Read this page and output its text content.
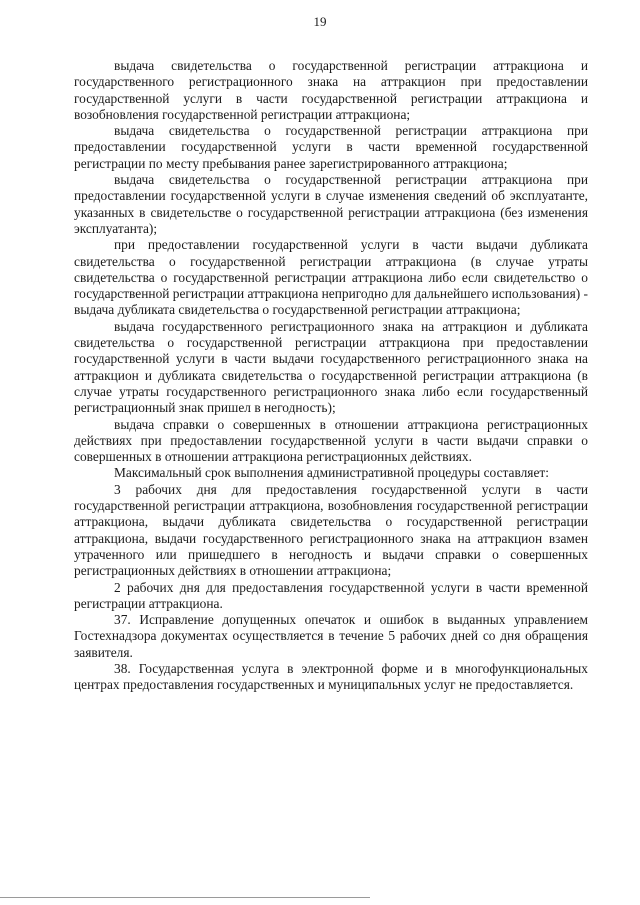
19

выдача свидетельства о государственной регистрации аттракциона и государственного регистрационного знака на аттракцион при предоставлении государственной услуги в части государственной регистрации аттракциона и возобновления государственной регистрации аттракциона;

выдача свидетельства о государственной регистрации аттракциона при предоставлении государственной услуги в части временной государственной регистрации по месту пребывания ранее зарегистрированного аттракциона;

выдача свидетельства о государственной регистрации аттракциона при предоставлении государственной услуги в случае изменения сведений об эксплуатанте, указанных в свидетельстве о государственной регистрации аттракциона (без изменения эксплуатанта);

при предоставлении государственной услуги в части выдачи дубликата свидетельства о государственной регистрации аттракциона (в случае утраты свидетельства о государственной регистрации аттракциона либо если свидетельство о государственной регистрации аттракциона непригодно для дальнейшего использования) - выдача дубликата свидетельства о государственной регистрации аттракциона;

выдача государственного регистрационного знака на аттракцион и дубликата свидетельства о государственной регистрации аттракциона при предоставлении государственной услуги в части выдачи государственного регистрационного знака на аттракцион и дубликата свидетельства о государственной регистрации аттракциона (в случае утраты государственного регистрационного знака либо если государственный регистрационный знак пришел в негодность);

выдача справки о совершенных в отношении аттракциона регистрационных действиях при предоставлении государственной услуги в части выдачи справки о совершенных в отношении аттракциона регистрационных действиях.

Максимальный срок выполнения административной процедуры составляет:

3 рабочих дня для предоставления государственной услуги в части государственной регистрации аттракциона, возобновления государственной регистрации аттракциона, выдачи дубликата свидетельства о государственной регистрации аттракциона, выдачи государственного регистрационного знака на аттракцион взамен утраченного или пришедшего в негодность и выдачи справки о совершенных регистрационных действиях в отношении аттракциона;

2 рабочих дня для предоставления государственной услуги в части временной регистрации аттракциона.

37. Исправление допущенных опечаток и ошибок в выданных управлением Гостехнадзора документах осуществляется в течение 5 рабочих дней со дня обращения заявителя.

38. Государственная услуга в электронной форме и в многофункциональных центрах предоставления государственных и муниципальных услуг не предоставляется.
